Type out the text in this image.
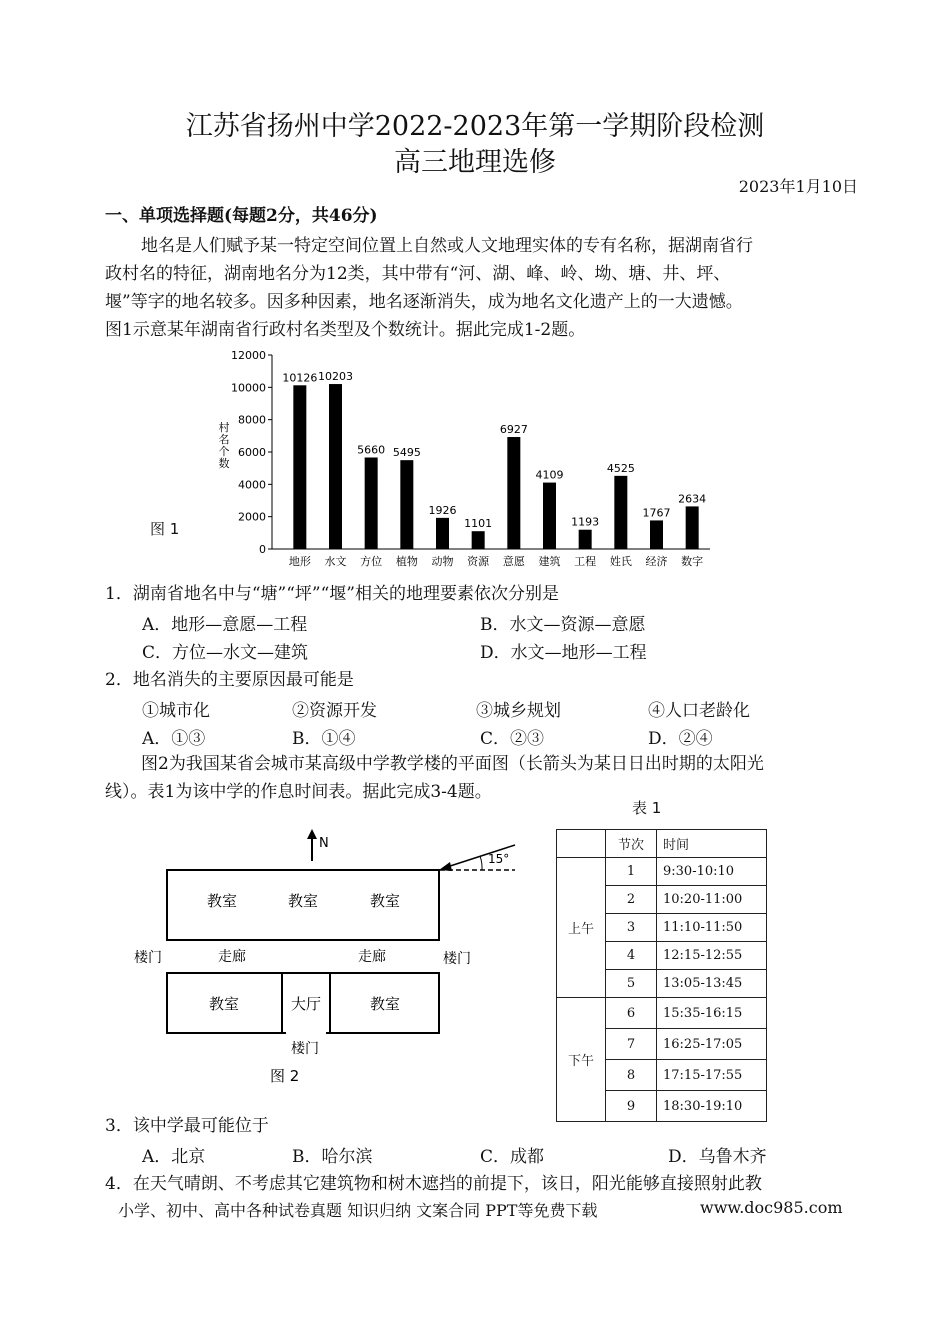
江苏省扬州中学2022-2023年第一学期阶段检测
高三地理选修
2023年1月10日
一、单项选择题(每题2分，共46分)
地名是人们赋予某一特定空间位置上自然或人文地理实体的专有名称，据湖南省行
政村名的特征，湖南地名分为12类，其中带有“河、湖、峰、岭、坳、塘、井、坪、
堰”等字的地名较多。因多种因素，地名逐渐消失，成为地名文化遗产上的一大遗憾。
图1示意某年湖南省行政村名类型及个数统计。据此完成1-2题。
图 1
0
2000
4000
6000
8000
10000
12000
村
名
个
数
10126
地形
10203
水文
5660
方位
5495
植物
1926
动物
1101
资源
6927
意愿
4109
建筑
1193
工程
4525
姓氏
1767
经济
2634
数字
1．湖南省地名中与“塘”“坪”“堰”相关的地理要素依次分别是
A．地形—意愿—工程	B．水文—资源—意愿
C．方位—水文—建筑	D．水文—地形—工程
2．地名消失的主要原因最可能是
①城市化	②资源开发	③城乡规划	④人口老龄化
A．①③	B．①④	C．②③	D．②④
图2为我国某省会城市某高级中学教学楼的平面图（长箭头为某日日出时期的太阳光
线）。表1为该中学的作息时间表。据此完成3-4题。
N
15°
教室	教室	教室
楼门	走廊	走廊	楼门
教室	大厅	教室
楼门
图 2
表 1
	节次	时间
上午	1	9:30-10:10
	2	10:20-11:00
	3	11:10-11:50
	4	12:15-12:55
	5	13:05-13:45
下午	6	15:35-16:15
	7	16:25-17:05
	8	17:15-17:55
	9	18:30-19:10
3．该中学最可能位于
A．北京	B．哈尔滨	C．成都	D．乌鲁木齐
4．在天气晴朗、不考虑其它建筑物和树木遮挡的前提下，该日，阳光能够直接照射此教
小学、初中、高中各种试卷真题 知识归纳 文案合同 PPT等免费下载	www.doc985.com
